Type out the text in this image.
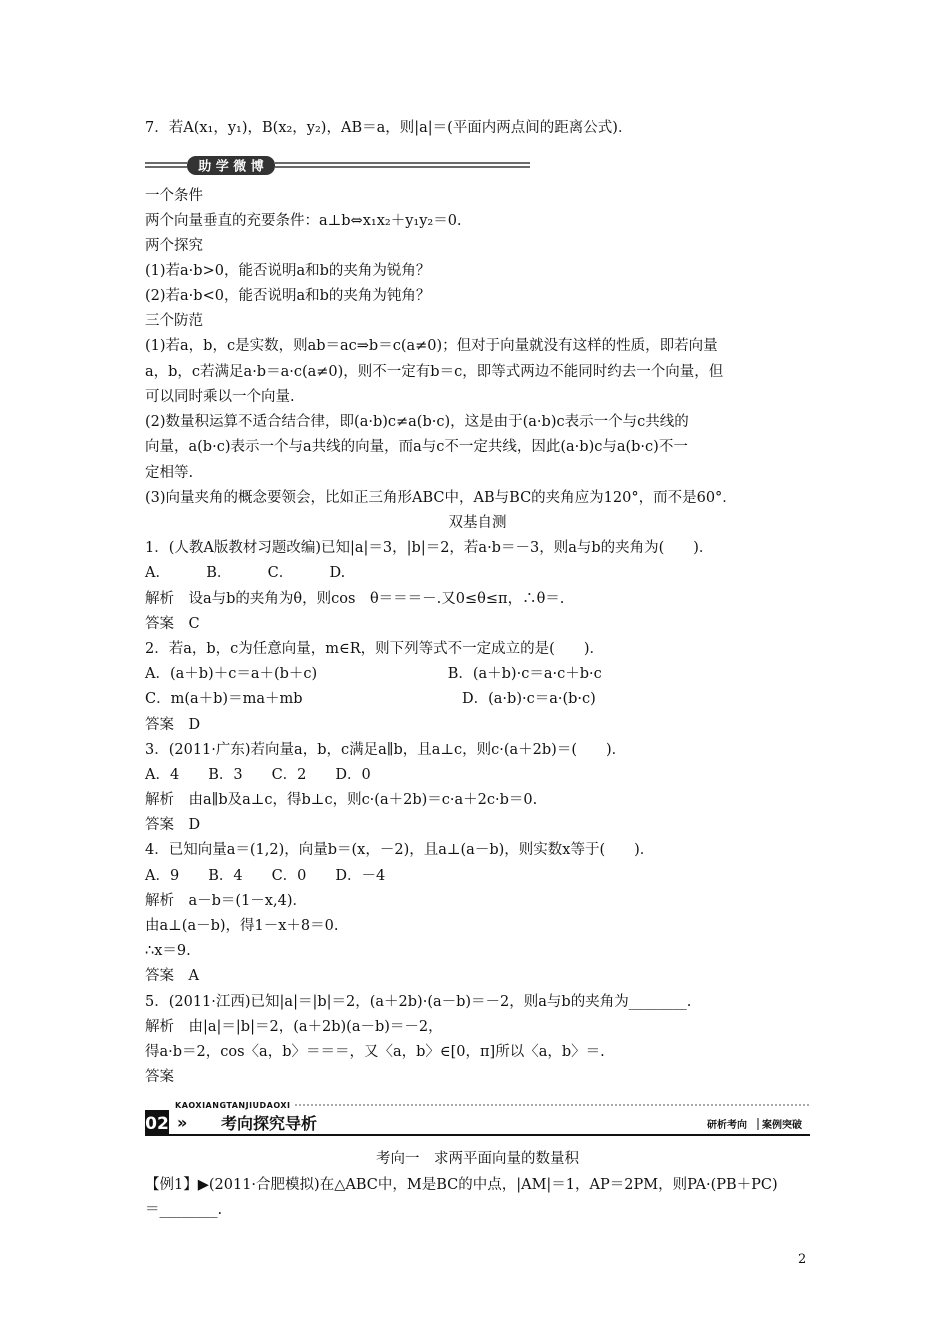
7．若A(x₁，y₁)，B(x₂，y₂)，AB＝a，则|a|＝(平面内两点间的距离公式)．
助 学 微 博
一个条件
两个向量垂直的充要条件：a⊥b⇔x₁x₂＋y₁y₂＝0.
两个探究
(1)若a·b>0，能否说明a和b的夹角为锐角？
(2)若a·b<0，能否说明a和b的夹角为钝角？
三个防范
(1)若a，b，c是实数，则ab＝ac⇒b＝c(a≠0)；但对于向量就没有这样的性质，即若向量
a，b，c若满足a·b＝a·c(a≠0)，则不一定有b＝c，即等式两边不能同时约去一个向量，但
可以同时乘以一个向量.
(2)数量积运算不适合结合律，即(a·b)c≠a(b·c)，这是由于(a·b)c表示一个与c共线的
向量，a(b·c)表示一个与a共线的向量，而a与c不一定共线，因此(a·b)c与a(b·c)不一
定相等.
(3)向量夹角的概念要领会，比如正三角形ABC中，AB与BC的夹角应为120°，而不是60°．
双基自测
1．(人教A版教材习题改编)已知|a|＝3，|b|＝2，若a·b＝－3，则a与b的夹角为(　　)．
A．　　　B．　　　C．　　　D.
解析　设a与b的夹角为θ，则cos　θ＝＝＝－.又0≤θ≤π，∴θ＝.
答案　C
2．若a，b，c为任意向量，m∈R，则下列等式不一定成立的是(　　)．
A．(a＋b)＋c＝a＋(b＋c)　　　　　　　　　B．(a＋b)·c＝a·c＋b·c
C．m(a＋b)＝ma＋mb　　　　　　　　　　　D．(a·b)·c＝a·(b·c)
答案　D
3．(2011·广东)若向量a，b，c满足a∥b，且a⊥c，则c·(a＋2b)＝(　　)．
A．4　　B．3　　C．2　　D．0
解析　由a∥b及a⊥c，得b⊥c，则c·(a＋2b)＝c·a＋2c·b＝0.
答案　D
4．已知向量a＝(1,2)，向量b＝(x，－2)，且a⊥(a－b)，则实数x等于(　　)．
A．9　　B．4　　C．0　　D．－4
解析　a－b＝(1－x,4)．
由a⊥(a－b)，得1－x＋8＝0.
∴x＝9.
答案　A
5．(2011·江西)已知|a|＝|b|＝2，(a＋2b)·(a－b)＝－2，则a与b的夹角为________.
解析　由|a|＝|b|＝2，(a＋2b)(a－b)＝－2，
得a·b＝2，cos〈a，b〉＝＝＝，又〈a，b〉∈[0，π]所以〈a，b〉＝.
答案
02 »
KAOXIANGTANJIUDAOXI
考向探究导析	研析考向 案例突破
考向一　求两平面向量的数量积
【例1】▶(2011·合肥模拟)在△ABC中，M是BC的中点，|AM|＝1，AP＝2PM，则PA·(PB＋PC)
＝________.
2
